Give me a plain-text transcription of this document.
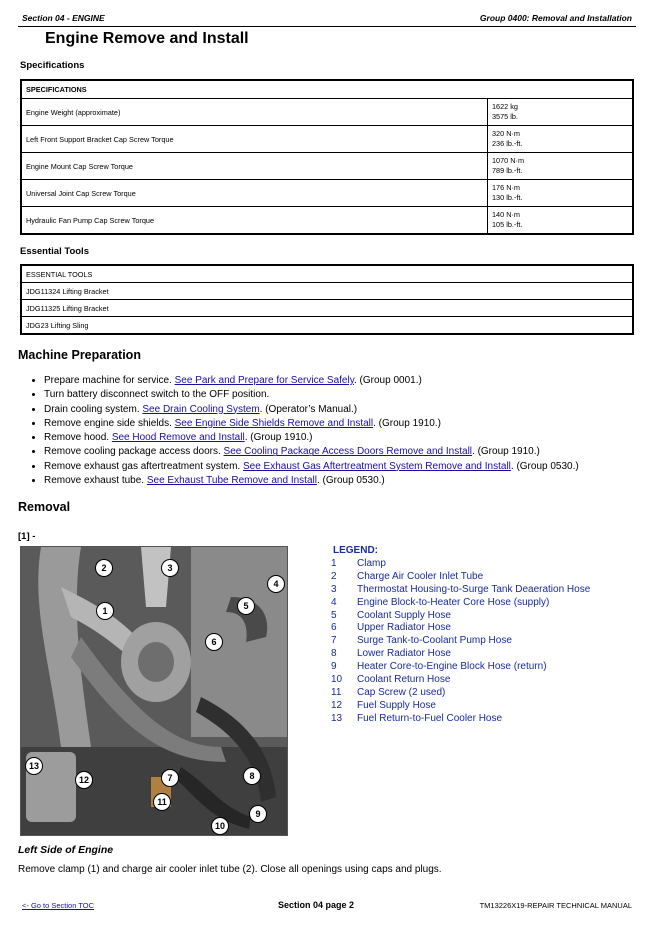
Section 04 - ENGINE	Group 0400: Removal and Installation
Engine Remove and Install
Specifications
SPECIFICATIONS	
Engine Weight (approximate)	1622 kg
3575 lb.
Left Front Support Bracket Cap Screw Torque	320 N·m
236 lb.-ft.
Engine Mount Cap Screw Torque	1070 N·m
789 lb.-ft.
Universal Joint Cap Screw Torque	176 N·m
130 lb.-ft.
Hydraulic Fan Pump Cap Screw Torque	140 N·m
105 lb.-ft.
Essential Tools
ESSENTIAL TOOLS
JDG11324 Lifting Bracket
JDG11325 Lifting Bracket
JDG23 Lifting Sling
Machine Preparation
• Prepare machine for service. See Park and Prepare for Service Safely. (Group 0001.)
• Turn battery disconnect switch to the OFF position.
• Drain cooling system. See Drain Cooling System. (Operator’s Manual.)
• Remove engine side shields. See Engine Side Shields Remove and Install. (Group 1910.)
• Remove hood. See Hood Remove and Install. (Group 1910.)
• Remove cooling package access doors. See Cooling Package Access Doors Remove and Install. (Group 1910.)
• Remove exhaust gas aftertreatment system. See Exhaust Gas Aftertreatment System Remove and Install. (Group 0530.)
• Remove exhaust tube. See Exhaust Tube Remove and Install. (Group 0530.)
Removal
[1] -
2	3
4
5
1
6
13
12	7	8
11
9
10
LEGEND:
1	Clamp
2	Charge Air Cooler Inlet Tube
3	Thermostat Housing-to-Surge Tank Deaeration Hose
4	Engine Block-to-Heater Core Hose (supply)
5	Coolant Supply Hose
6	Upper Radiator Hose
7	Surge Tank-to-Coolant Pump Hose
8	Lower Radiator Hose
9	Heater Core-to-Engine Block Hose (return)
10	Coolant Return Hose
11	Cap Screw (2 used)
12	Fuel Supply Hose
13	Fuel Return-to-Fuel Cooler Hose
Left Side of Engine
Remove clamp (1) and charge air cooler inlet tube (2). Close all openings using caps and plugs.
<- Go to Section TOC	Section 04 page 2	TM13226X19-REPAIR TECHNICAL MANUAL
